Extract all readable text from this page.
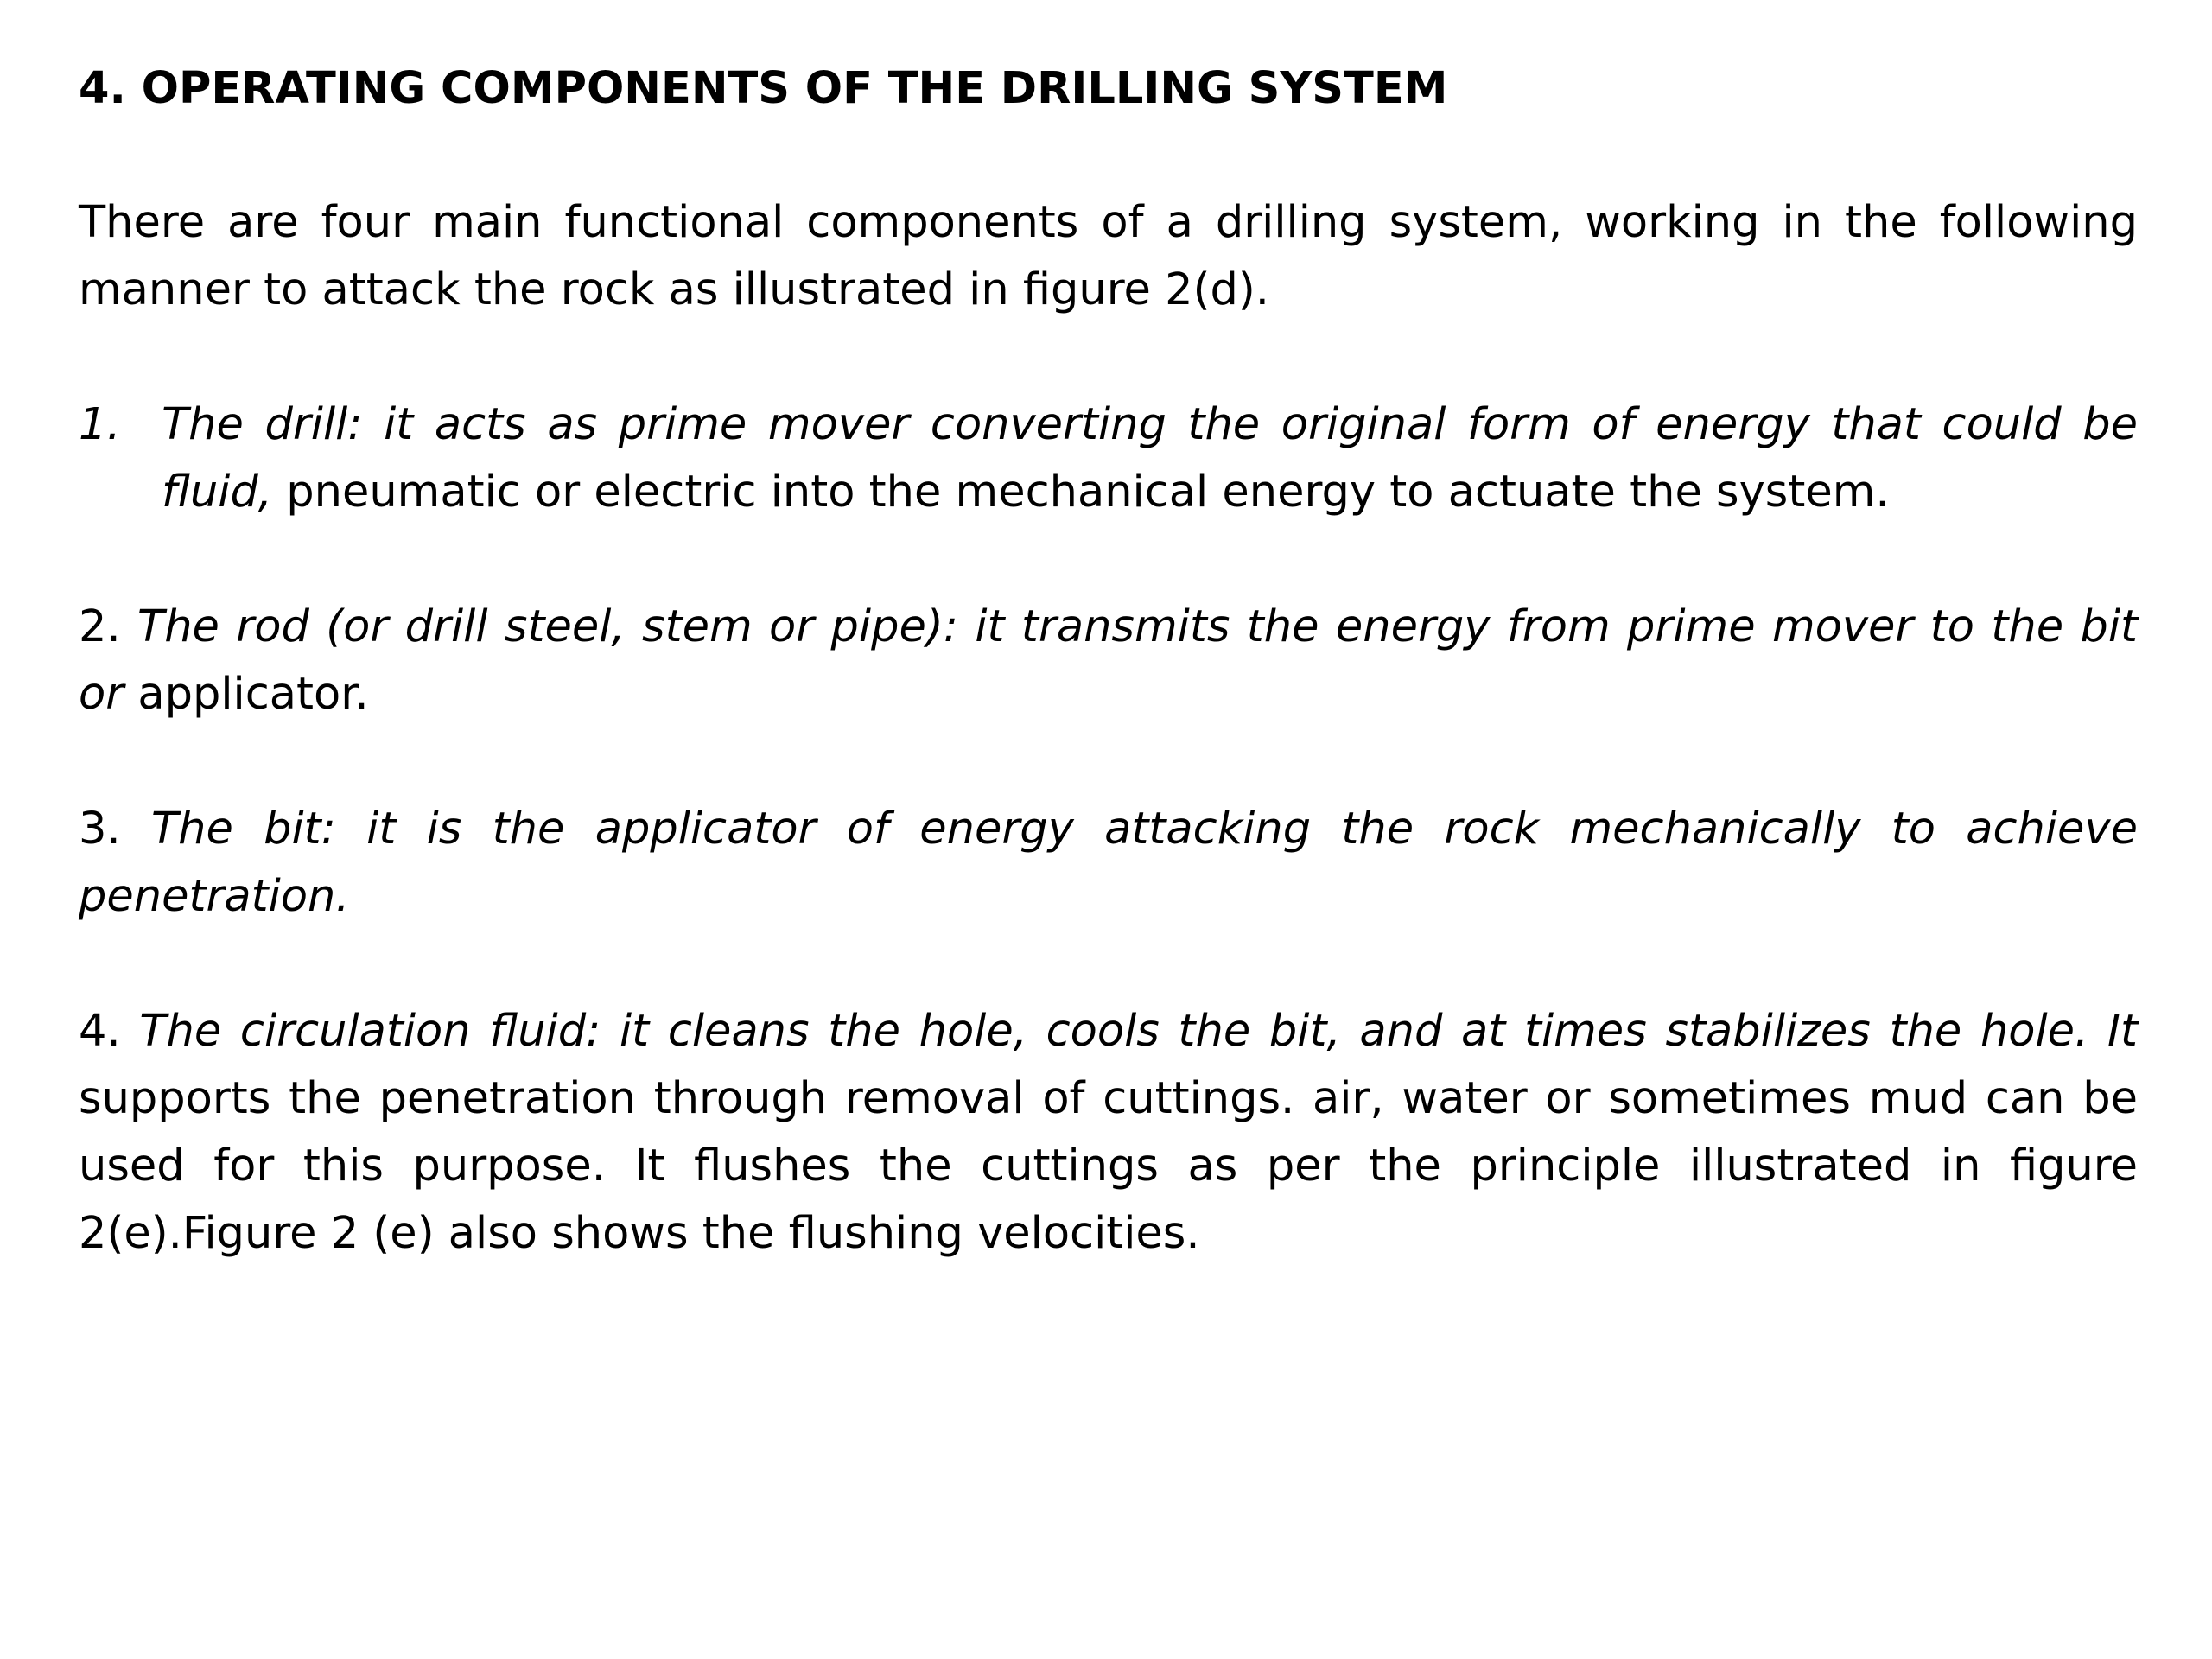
4. OPERATING COMPONENTS OF THE DRILLING SYSTEM

There are four main functional components of a drilling system, working in the following manner to attack the rock as illustrated in figure 2(d).

1. The drill: it acts as prime mover converting the original form of energy that could be fluid, pneumatic or electric into the mechanical energy to actuate the system.

2. The rod (or drill steel, stem or pipe): it transmits the energy from prime mover to the bit or applicator.

3. The bit: it is the applicator of energy attacking the rock mechanically to achieve penetration.

4. The circulation fluid: it cleans the hole, cools the bit, and at times stabilizes the hole. It supports the penetration through removal of cuttings. air, water or sometimes mud can be used for this purpose. It flushes the cuttings as per the principle illustrated in figure 2(e).Figure 2 (e) also shows the flushing velocities.
